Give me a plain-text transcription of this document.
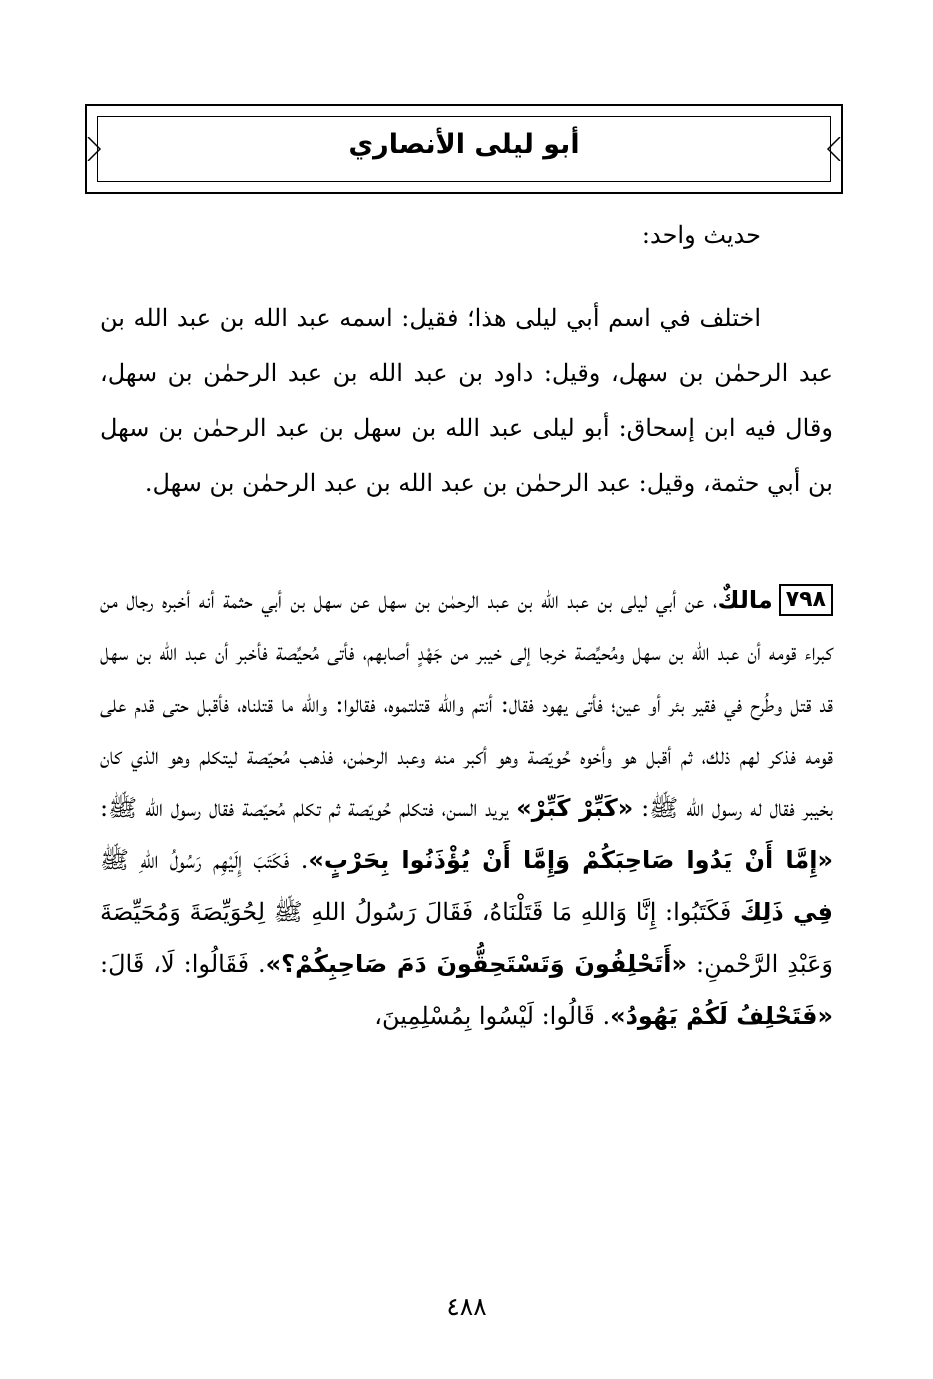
أبو ليلى الأنصاري
حديث واحد:
اختلف في اسم أبي ليلى هذا؛ فقيل: اسمه عبد الله بن عبد الله بن عبد الرحمٰن بن سهل، وقيل: داود بن عبد الله بن عبد الرحمٰن بن سهل، وقال فيه ابن إسحاق: أبو ليلى عبد الله بن سهل بن عبد الرحمٰن بن سهل بن أبي حثمة، وقيل: عبد الرحمٰن بن عبد الله بن عبد الرحمٰن بن سهل.
٧٩٨مالكٌ، عن أبي ليلى بن عبد الله بن عبد الرحمٰن بن سهل عن سهل بن أبي حثمة أنه أخبره رجال من كبراء قومه أن عبد الله بن سهل ومُحيِّصة خرجا إلى خيبر من جَهْدٍ أصابهم، فأتى مُحيِّصة فأخبر أن عبد الله بن سهل قد قتل وطُرح في فقير بئر أو عين؛ فأتى يهود فقال: أنتم والله قتلتموه، فقالوا: والله ما قتلناه، فأقبل حتى قدم على قومه فذكر لهم ذلك، ثم أقبل هو وأخوه حُويّصة وهو أكبر منه وعبد الرحمٰن، فذهب مُحيّصة ليتكلم وهو الذي كان بخيبر فقال له رسول الله ﷺ: «كَبِّرْ كَبِّرْ» يريد السن، فتكلم حُويّصة ثم تكلم مُحيّصة فقال رسول الله ﷺ: «إِمَّا أَنْ يَدُوا صَاحِبَكُمْ وَإِمَّا أَنْ يُؤْذَنُوا بِحَرْبٍ». فَكَتَبَ إِلَيْهِم رَسُولُ اللهِ ﷺ فِي ذَلِكَ فَكَتَبُوا: إِنَّا وَاللهِ مَا قَتَلْنَاهُ، فَقَالَ رَسُولُ اللهِ ﷺ لِحُوَيِّصَةَ وَمُحَيِّصَةَ وَعَبْدِ الرَّحْمنِ: «أَتَحْلِفُونَ وَتَسْتَحِقُّونَ دَمَ صَاحِبِكُمْ؟». فَقَالُوا: لَا، قَالَ: «فَتَحْلِفُ لَكُمْ يَهُودُ». قَالُوا: لَيْسُوا بِمُسْلِمِينَ،
٤٨٨
